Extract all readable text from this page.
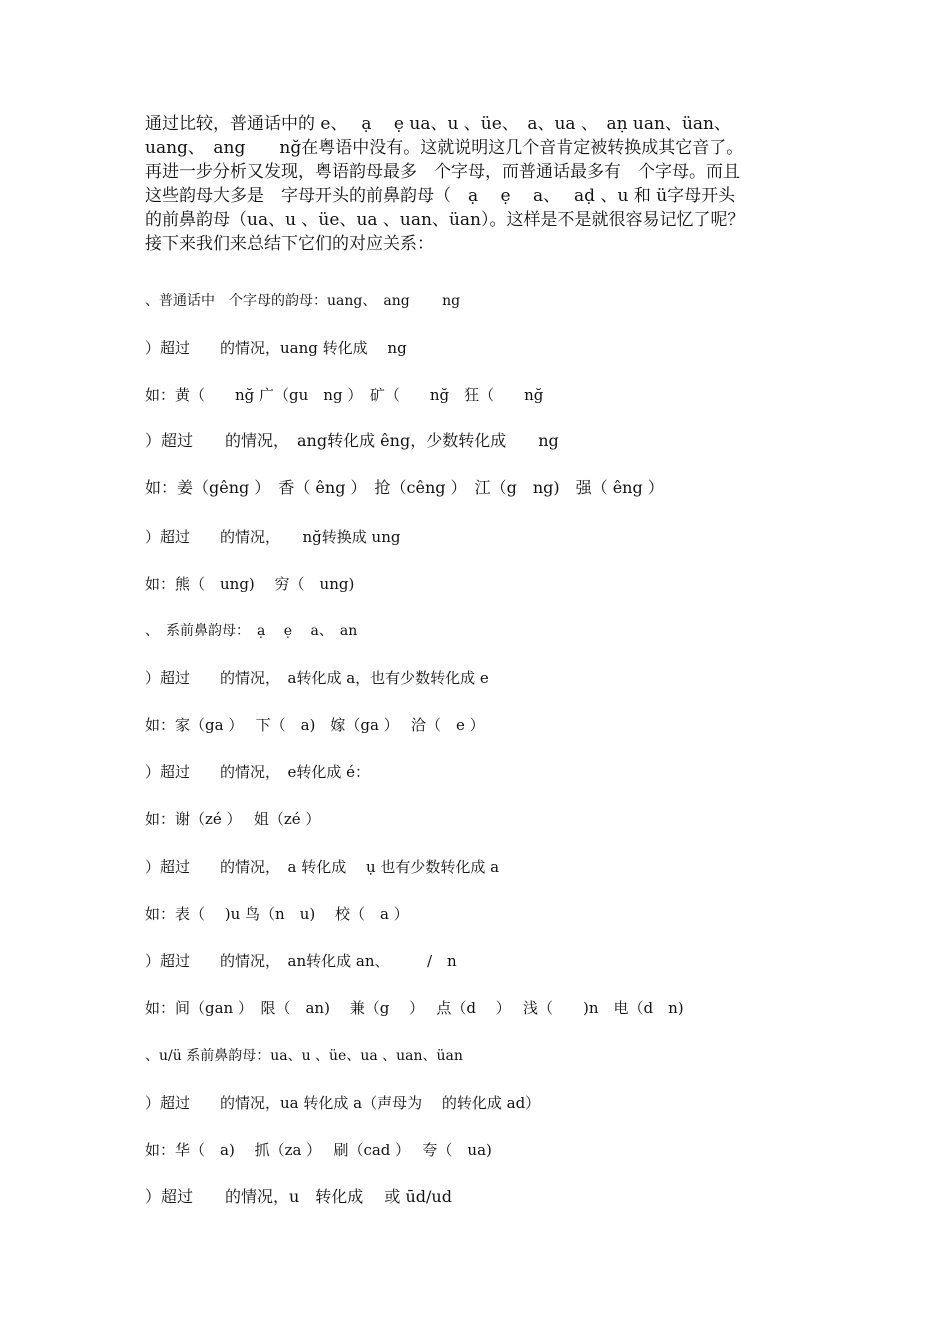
通过比较，普通话中的 e、　 ạ　 ẹ ua、u 、üe、　a、ua 、　aṇ uan、üan、
uang、　ang　　nğ在粤语中没有。这就说明这几个音肯定被转换成其它音了。
再进一步分析又发现，粤语韵母最多　个字母，而普通话最多有　个字母。而且
这些韵母大多是　字母开头的前鼻韵母（　ạ　 ẹ　 a、　 aḍ 、u 和 ü字母开头
的前鼻韵母（ua、u 、üe、ua 、uan、üan）。这样是不是就很容易记忆了呢？
接下来我们来总结下它们的对应关系：
、普通话中　个字母的韵母：uang、　ang　　 ng
）超过　　的情况，uang 转化成　 ng
如：黄（　　nğ 广（gu　ng ）　矿（　　nğ　狂（　　nğ
）超过　　的情况，　ang转化成 êng，少数转化成　　ng
如：姜（gêng ）　香（ êng ）　抢（cêng ）　江（g　ng)　强（ êng ）
）超过　　的情况，　　nğ转换成 ung
如：熊（　ung)　 穷（　ung)
、　系前鼻韵母：　ạ　 ẹ　 a、　an
）超过　　的情况，　a转化成 a，也有少数转化成 e
如：家（ga ）　 下（　a)　嫁（ga ）　 洽（　e ）
）超过　　的情况，　e转化成 é：
如：谢（zé ）　 姐（zé ）
）超过　　的情况，　a 转化成　 ụ 也有少数转化成 a
如：表（　 )u 鸟（n　u)　 校（　a ）
）超过　　的情况，　an转化成 an、　　　/　n
如：间（gan ）　限（　an)　 兼（g　 ）　 点（d　 ）　 浅（　　)n　电（d　n)
、u/ü 系前鼻韵母：ua、u 、üe、ua 、uan、üan
）超过　　的情况，ua 转化成 a（声母为　 的转化成 ad）
如：华（　a)　 抓（za ）　 刷（cad ）　 夸（　ua)
）超过　　的情况，u　转化成　 或 ūd/ud
